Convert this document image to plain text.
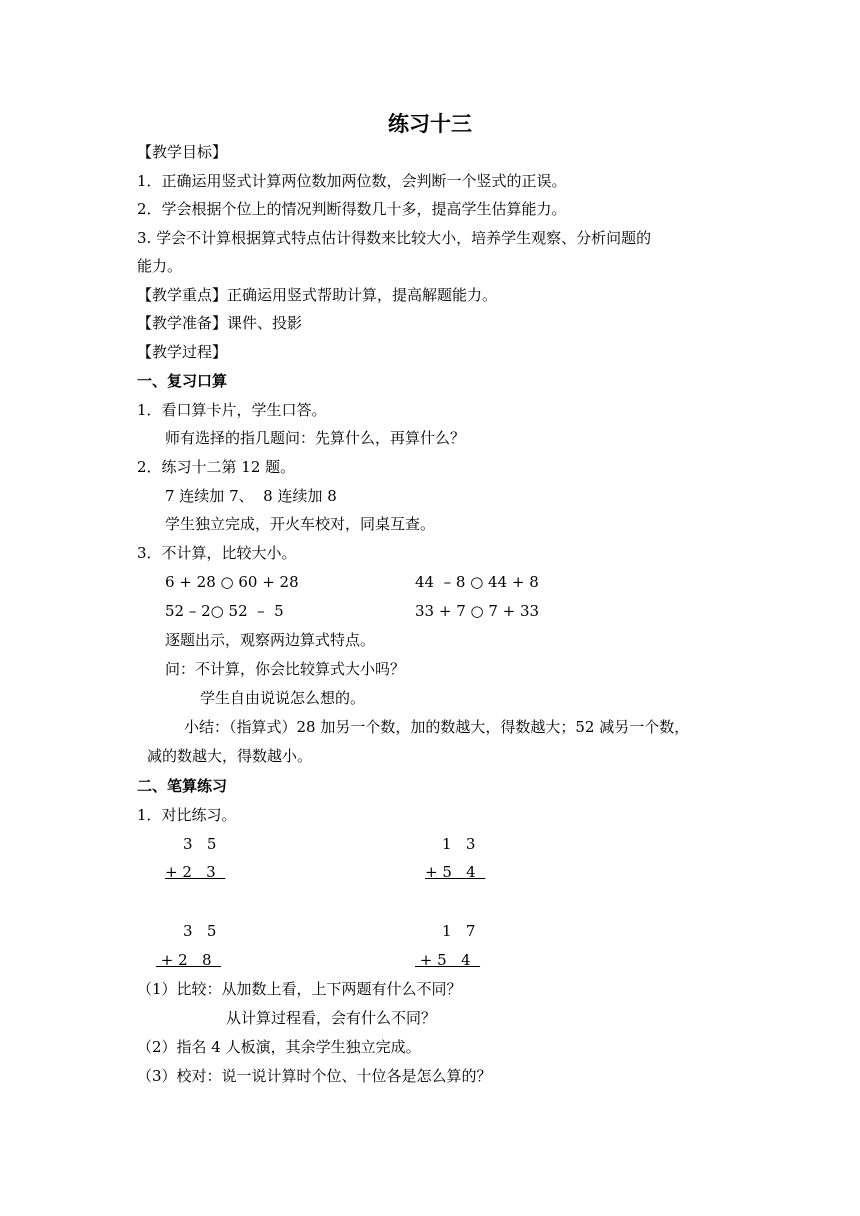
练习十三
【教学目标】
1．正确运用竖式计算两位数加两位数，会判断一个竖式的正误。
2．学会根据个位上的情况判断得数几十多，提高学生估算能力。
3. 学会不计算根据算式特点估计得数来比较大小，培养学生观察、分析问题的
能力。
【教学重点】正确运用竖式帮助计算，提高解题能力。
【教学准备】课件、投影
【教学过程】
一、复习口算
1．看口算卡片，学生口答。
师有选择的指几题问：先算什么，再算什么？
2．练习十二第 12 题。
7 连续加 7、  8 连续加 8
学生独立完成，开火车校对，同桌互查。
3．不计算，比较大小。
6 + 28 ○ 60 + 28	44  – 8 ○ 44 + 8
52 – 2○ 52  –  5	33 + 7 ○ 7 + 33
逐题出示，观察两边算式特点。
问：不计算，你会比较算式大小吗？
学生自由说说怎么想的。
小结：（指算式）28 加另一个数，加的数越大，得数越大；52 减另一个数，
减的数越大，得数越小。
二、笔算练习
1．对比练习。
3   5
+ 2   3
1   3
+ 5   4
3   5
+ 2   8
1   7
+ 5   4
（1）比较：从加数上看，上下两题有什么不同？
从计算过程看，会有什么不同？
（2）指名 4 人板演，其余学生独立完成。
（3）校对：说一说计算时个位、十位各是怎么算的？
